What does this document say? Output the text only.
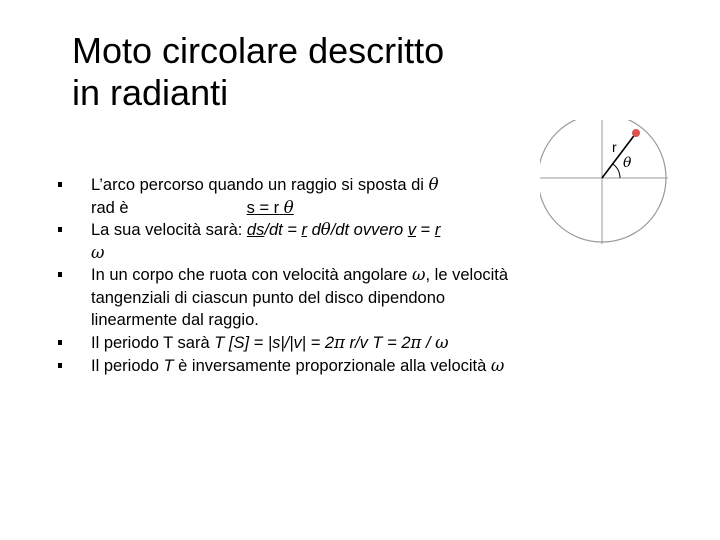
Moto circolare descritto
in radianti
L’arco percorso quando un raggio si sposta di θ
rad è	s = r θ
La sua velocità sarà: ds/dt = r dθ/dt ovvero v = r
ω
In un corpo che ruota con velocità angolare ω, le velocità tangenziali di ciascun punto del disco dipendono linearmente dal raggio.
Il periodo T sarà T [S] = |s|/|v| = 2π r/v T = 2π / ω
Il periodo T è inversamente proporzionale alla velocità ω
r
θ
